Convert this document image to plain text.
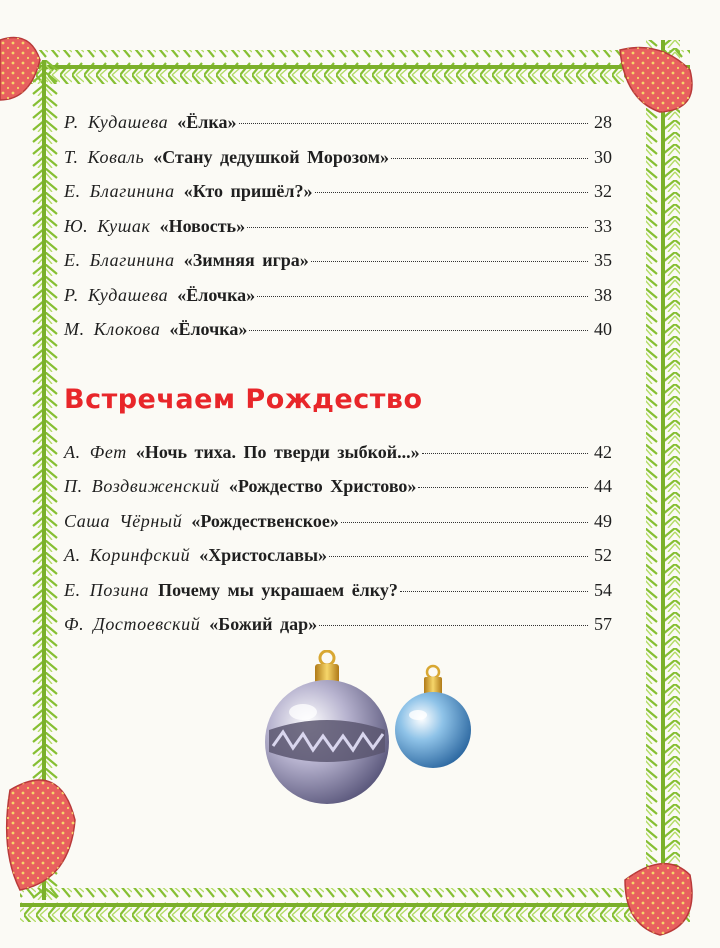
Р. Кудашева «Ёлка»	28
Т. Коваль «Стану дедушкой Морозом»	30
Е. Благинина «Кто пришёл?»	32
Ю. Кушак «Новость»	33
Е. Благинина «Зимняя игра»	35
Р. Кудашева «Ёлочка»	38
М. Клокова «Ёлочка»	40
Встречаем Рождество
А. Фет «Ночь тиха. По тверди зыбкой...»	42
П. Воздвиженский «Рождество Христово»	44
Саша Чёрный «Рождественское»	49
А. Коринфский «Христославы»	52
Е. Позина Почему мы украшаем ёлку?	54
Ф. Достоевский «Божий дар»	57
